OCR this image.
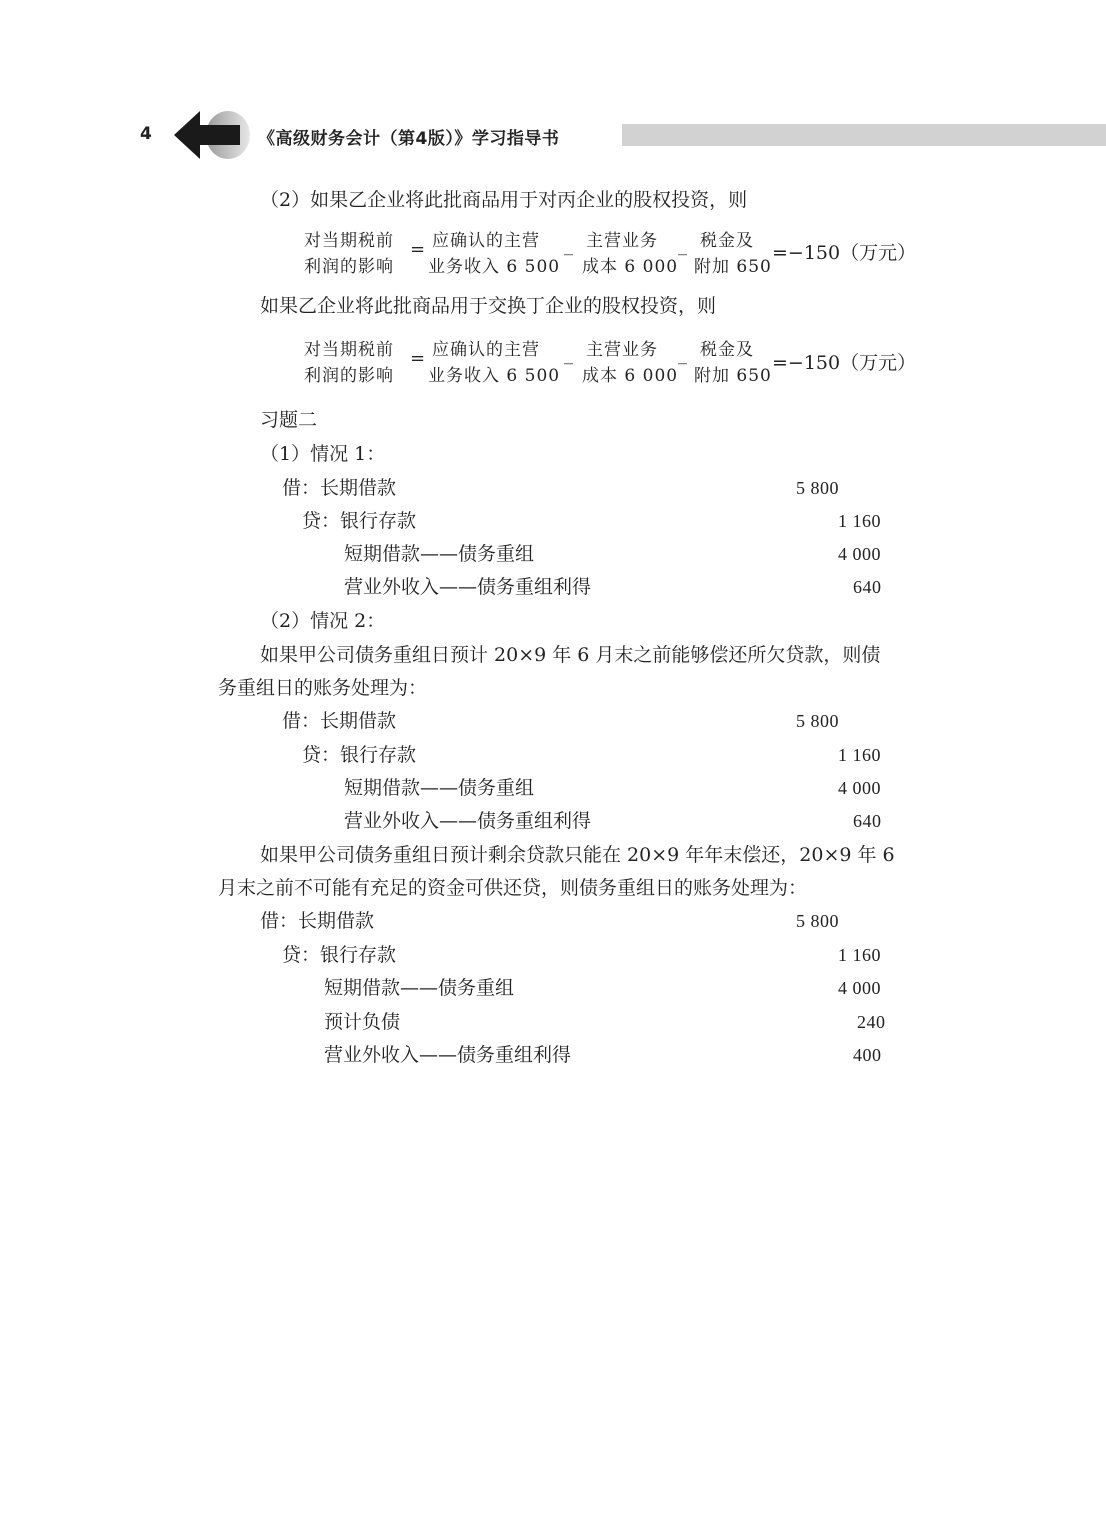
4	《高级财务会计（第4版）》学习指导书
（2）如果乙企业将此批商品用于对丙企业的股权投资，则
对当期税前
利润的影响
= 应确认的主营
业务收入 6 500
_ 主营业务
成本 6 000
_ 税金及
附加 650
=−150（万元）
如果乙企业将此批商品用于交换丁企业的股权投资，则
对当期税前
利润的影响
= 应确认的主营
业务收入 6 500
_ 主营业务
成本 6 000
_ 税金及
附加 650
=−150（万元）
习题二
（1）情况 1：
借：长期借款	5 800
贷：银行存款	1 160
短期借款——债务重组	4 000
营业外收入——债务重组利得	640
（2）情况 2：
如果甲公司债务重组日预计 20×9 年 6 月末之前能够偿还所欠贷款，则债
务重组日的账务处理为：
借：长期借款	5 800
贷：银行存款	1 160
短期借款——债务重组	4 000
营业外收入——债务重组利得	640
如果甲公司债务重组日预计剩余贷款只能在 20×9 年年末偿还，20×9 年 6
月末之前不可能有充足的资金可供还贷，则债务重组日的账务处理为：
借：长期借款	5 800
贷：银行存款	1 160
短期借款——债务重组	4 000
预计负债	240
营业外收入——债务重组利得	400
